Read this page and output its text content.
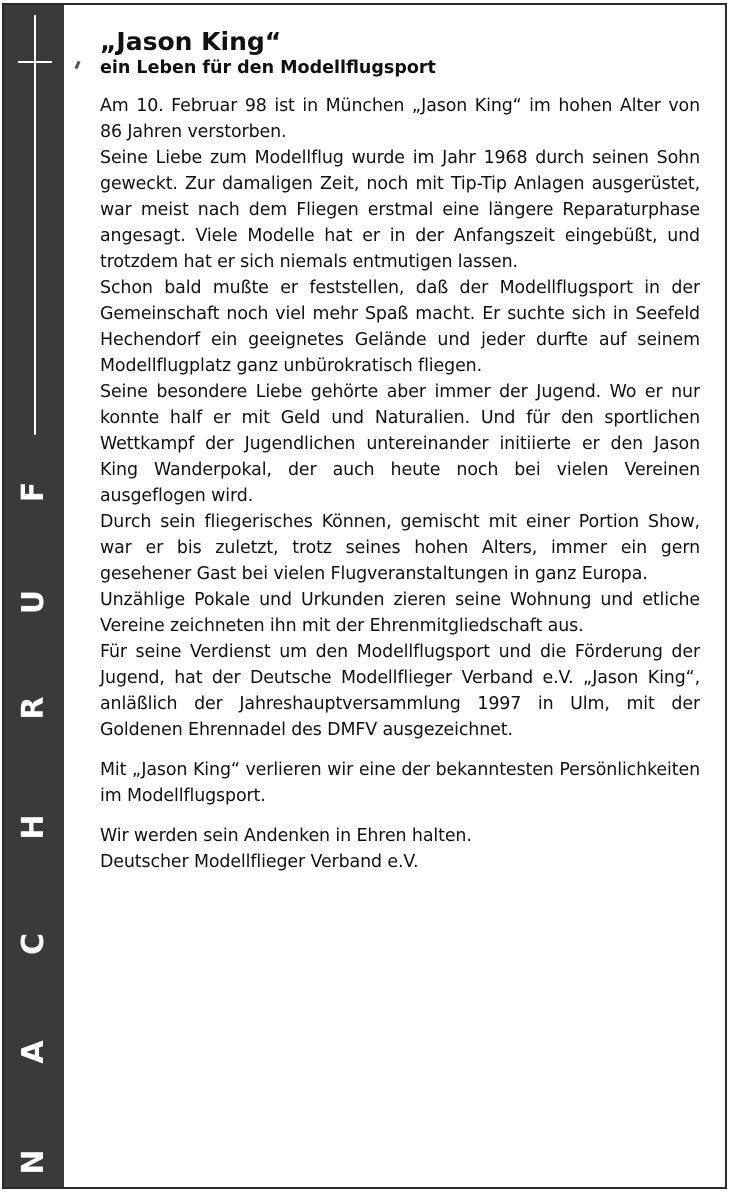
F
U
R
H
C
A
N
„Jason King“
ein Leben für den Modellflugsport

Am 10. Februar 98 ist in München „Jason King“ im hohen Alter von 86 Jahren verstorben.

Seine Liebe zum Modellflug wurde im Jahr 1968 durch seinen Sohn geweckt. Zur damaligen Zeit, noch mit Tip-Tip Anlagen ausgerüstet, war meist nach dem Fliegen erstmal eine längere Reparaturphase angesagt. Viele Modelle hat er in der Anfangszeit eingebüßt, und trotzdem hat er sich niemals entmutigen lassen.

Schon bald mußte er feststellen, daß der Modellflugsport in der Gemeinschaft noch viel mehr Spaß macht. Er suchte sich in Seefeld Hechendorf ein geeignetes Gelände und jeder durfte auf seinem Modellflugplatz ganz unbürokratisch fliegen.

Seine besondere Liebe gehörte aber immer der Jugend. Wo er nur konnte half er mit Geld und Naturalien. Und für den sportlichen Wettkampf der Jugendlichen untereinander initiierte er den Jason King Wanderpokal, der auch heute noch bei vielen Vereinen ausgeflogen wird.

Durch sein fliegerisches Können, gemischt mit einer Portion Show, war er bis zuletzt, trotz seines hohen Alters, immer ein gern gesehener Gast bei vielen Flugveranstaltungen in ganz Europa.

Unzählige Pokale und Urkunden zieren seine Wohnung und etliche Vereine zeichneten ihn mit der Ehrenmitgliedschaft aus.

Für seine Verdienst um den Modellflugsport und die Förderung der Jugend, hat der Deutsche Modellflieger Verband e.V. „Jason King“, anläßlich der Jahreshauptversammlung 1997 in Ulm, mit der Goldenen Ehrennadel des DMFV ausgezeichnet.

Mit „Jason King“ verlieren wir eine der bekanntesten Persönlichkeiten im Modellflugsport.

Wir werden sein Andenken in Ehren halten.

Deutscher Modellflieger Verband e.V.
